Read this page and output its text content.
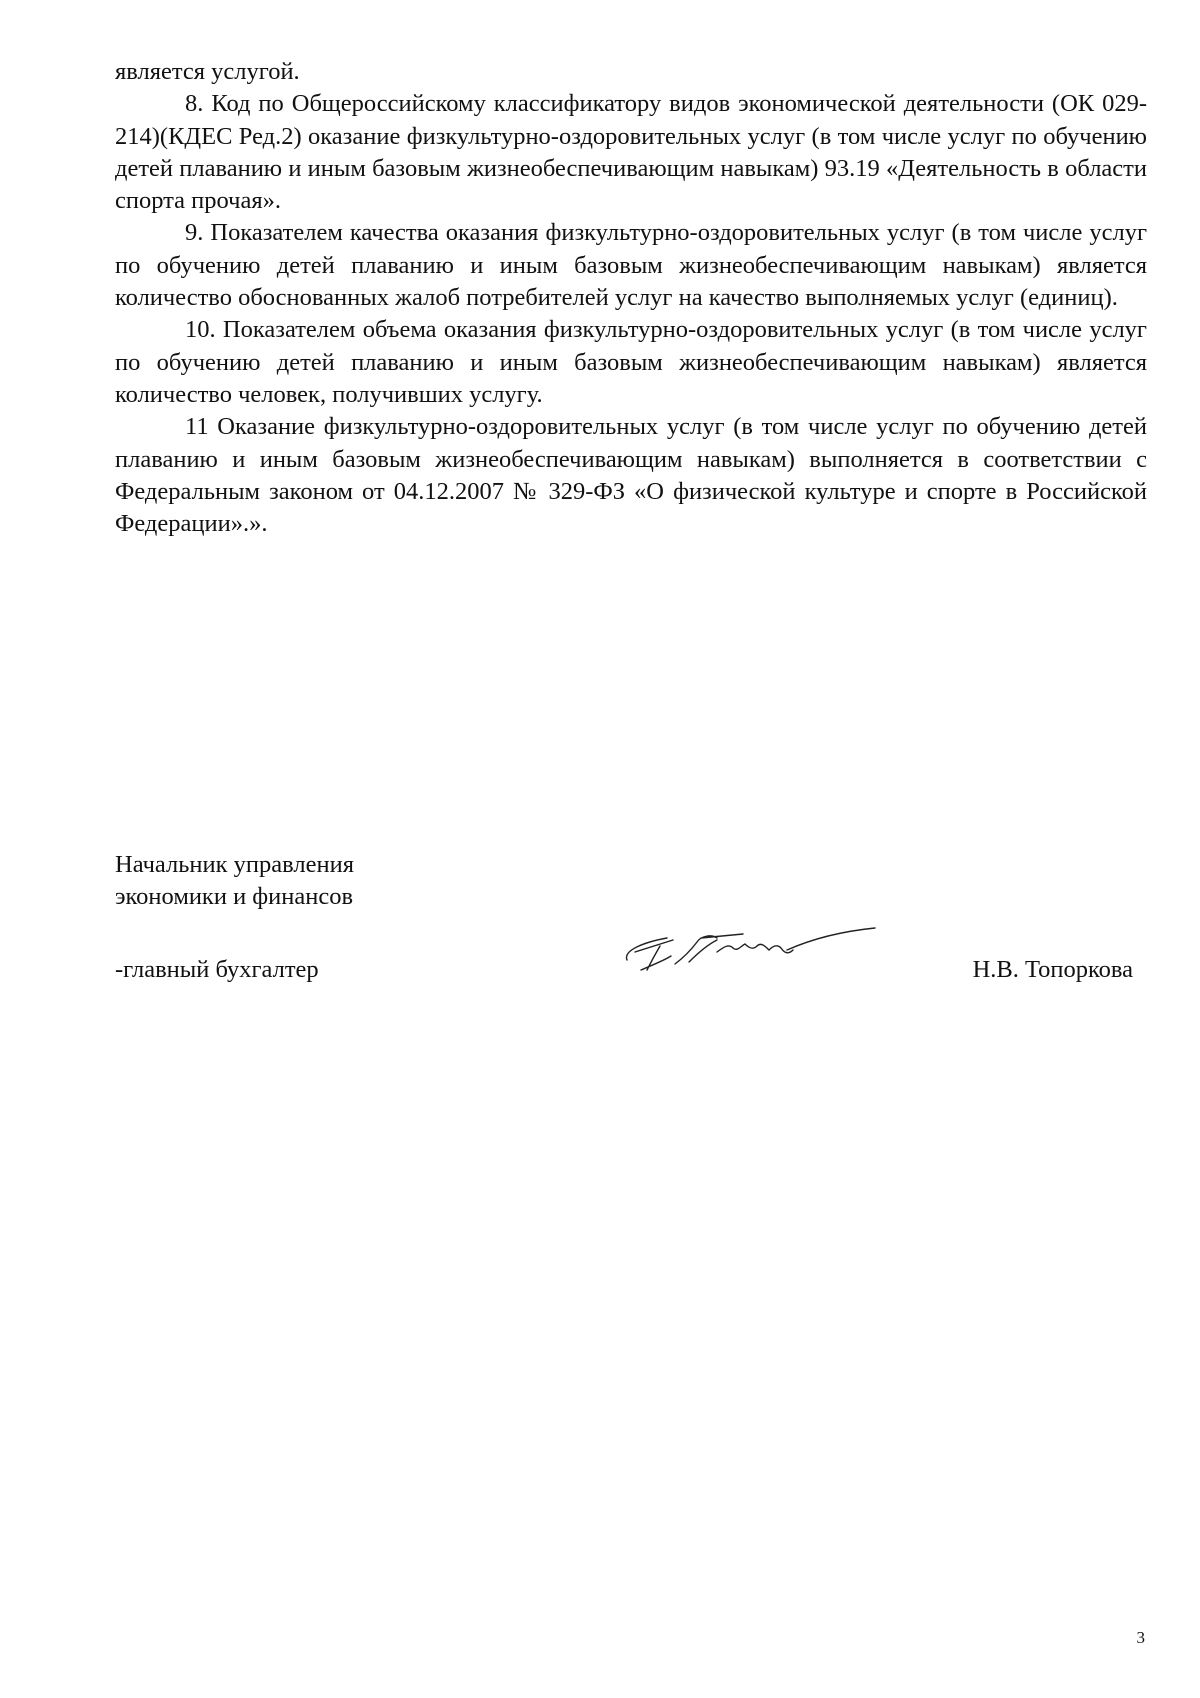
является услугой.

8. Код по Общероссийскому классификатору видов экономической деятельности (ОК 029-214)(КДЕС Ред.2) оказание физкультурно-оздоровительных услуг (в том числе услуг по обучению детей плаванию и иным базовым жизнеобеспечивающим навыкам) 93.19 «Деятельность в области спорта прочая».

9. Показателем качества оказания физкультурно-оздоровительных услуг (в том числе услуг по обучению детей плаванию и иным базовым жизнеобеспечивающим навыкам) является количество обоснованных жалоб потребителей услуг на качество выполняемых услуг (единиц).

10. Показателем объема оказания физкультурно-оздоровительных услуг (в том числе услуг по обучению детей плаванию и иным базовым жизнеобеспечивающим навыкам) является количество человек, получивших услугу.

11 Оказание физкультурно-оздоровительных услуг (в том числе услуг по обучению детей плаванию и иным базовым жизнеобеспечивающим навыкам) выполняется в соответствии с Федеральным законом от 04.12.2007 № 329-ФЗ «О физической культуре и спорте в Российской Федерации».».

Начальник управления
экономики и финансов
-главный бухгалтер	Н.В. Топоркова
3
